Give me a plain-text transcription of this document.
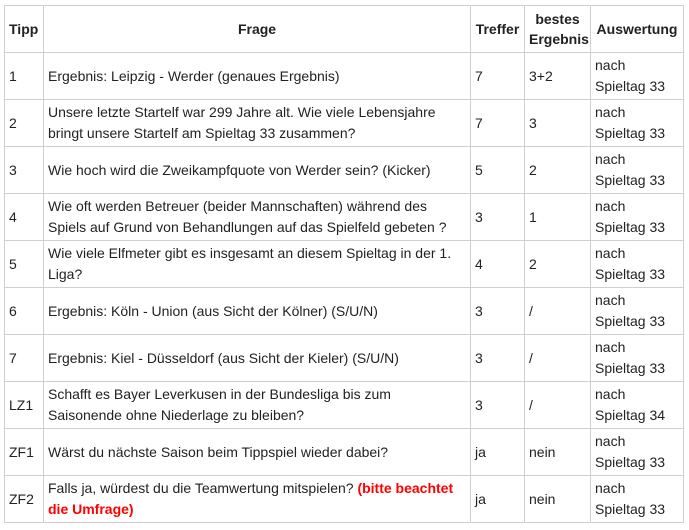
Tipp	Frage	Treffer	bestes Ergebnis	Auswertung
1	Ergebnis: Leipzig - Werder (genaues Ergebnis)	7	3+2	nach Spieltag 33
2	Unsere letzte Startelf war 299 Jahre alt. Wie viele Lebensjahre bringt unsere Startelf am Spieltag 33 zusammen?	7	3	nach Spieltag 33
3	Wie hoch wird die Zweikampfquote von Werder sein? (Kicker)	5	2	nach Spieltag 33
4	Wie oft werden Betreuer (beider Mannschaften) während des Spiels auf Grund von Behandlungen auf das Spielfeld gebeten ?	3	1	nach Spieltag 33
5	Wie viele Elfmeter gibt es insgesamt an diesem Spieltag in der 1. Liga?	4	2	nach Spieltag 33
6	Ergebnis: Köln - Union (aus Sicht der Kölner) (S/U/N)	3	/	nach Spieltag 33
7	Ergebnis: Kiel - Düsseldorf (aus Sicht der Kieler) (S/U/N)	3	/	nach Spieltag 33
LZ1	Schafft es Bayer Leverkusen in der Bundesliga bis zum Saisonende ohne Niederlage zu bleiben?	3	/	nach Spieltag 34
ZF1	Wärst du nächste Saison beim Tippspiel wieder dabei?	ja	nein	nach Spieltag 33
ZF2	Falls ja, würdest du die Teamwertung mitspielen? (bitte beachtet die Umfrage)	ja	nein	nach Spieltag 33
